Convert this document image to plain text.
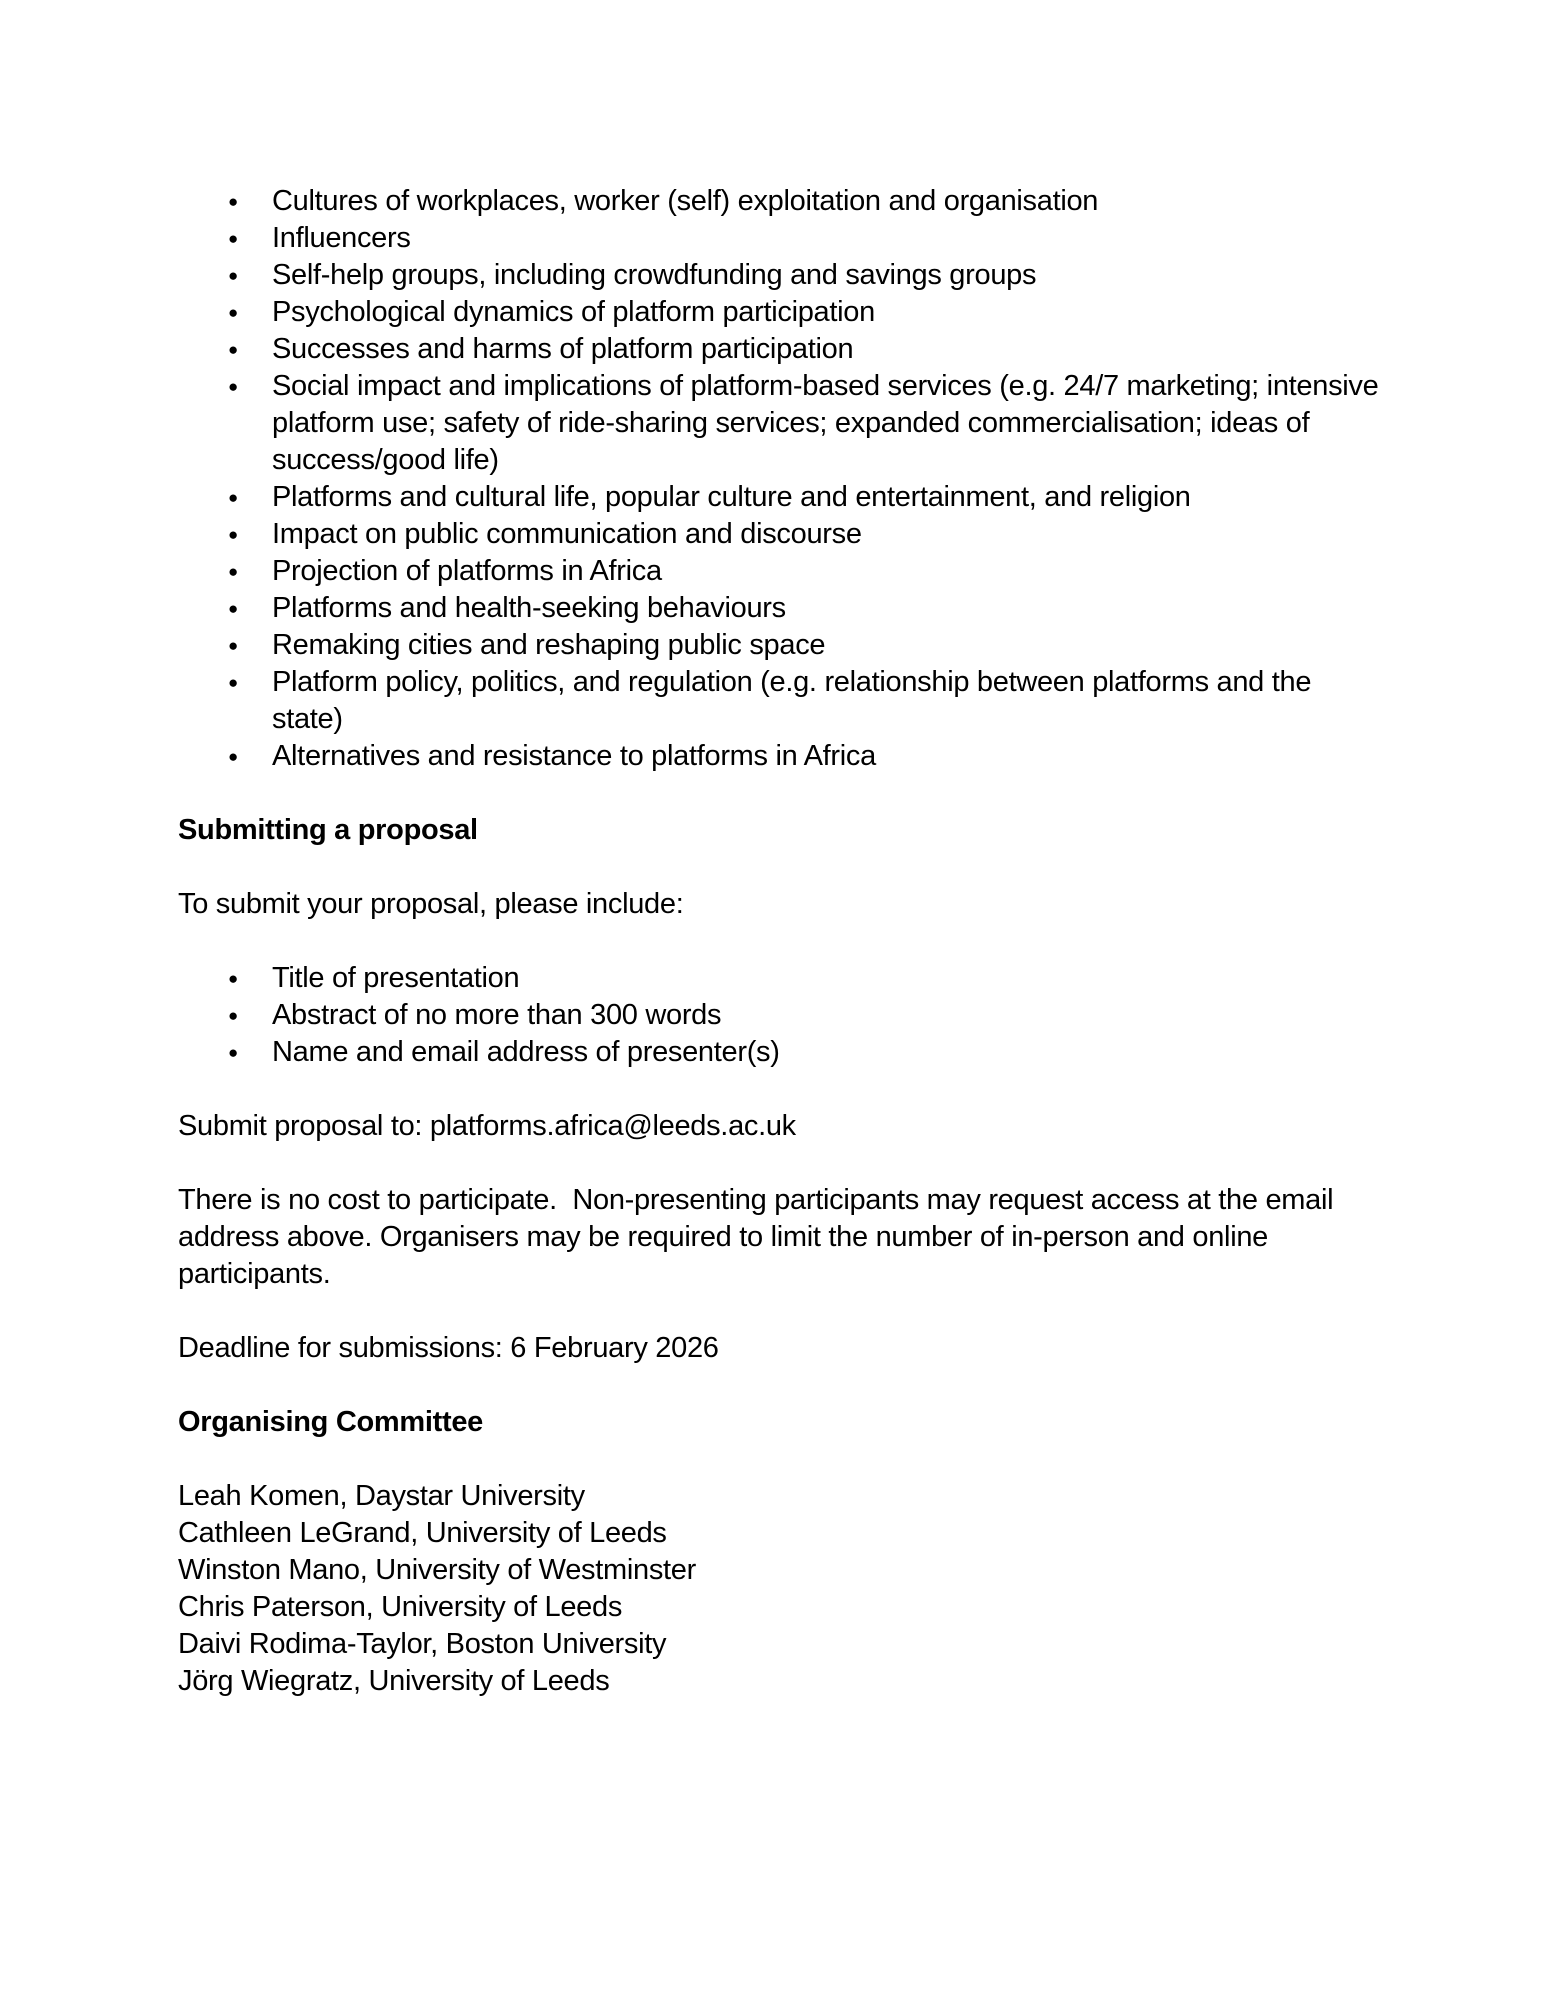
● Cultures of workplaces, worker (self) exploitation and organisation
● Influencers
● Self-help groups, including crowdfunding and savings groups
● Psychological dynamics of platform participation
● Successes and harms of platform participation
● Social impact and implications of platform-based services (e.g. 24/7 marketing; intensive
platform use; safety of ride-sharing services; expanded commercialisation; ideas of
success/good life)
● Platforms and cultural life, popular culture and entertainment, and religion
● Impact on public communication and discourse
● Projection of platforms in Africa
● Platforms and health-seeking behaviours
● Remaking cities and reshaping public space
● Platform policy, politics, and regulation (e.g. relationship between platforms and the
state)
● Alternatives and resistance to platforms in Africa
Submitting a proposal
To submit your proposal, please include:
● Title of presentation
● Abstract of no more than 300 words
● Name and email address of presenter(s)
Submit proposal to: platforms.africa@leeds.ac.uk
There is no cost to participate.  Non-presenting participants may request access at the email
address above. Organisers may be required to limit the number of in-person and online
participants.
Deadline for submissions: 6 February 2026
Organising Committee
Leah Komen, Daystar University
Cathleen LeGrand, University of Leeds
Winston Mano, University of Westminster
Chris Paterson, University of Leeds
Daivi Rodima-Taylor, Boston University
Jörg Wiegratz, University of Leeds
